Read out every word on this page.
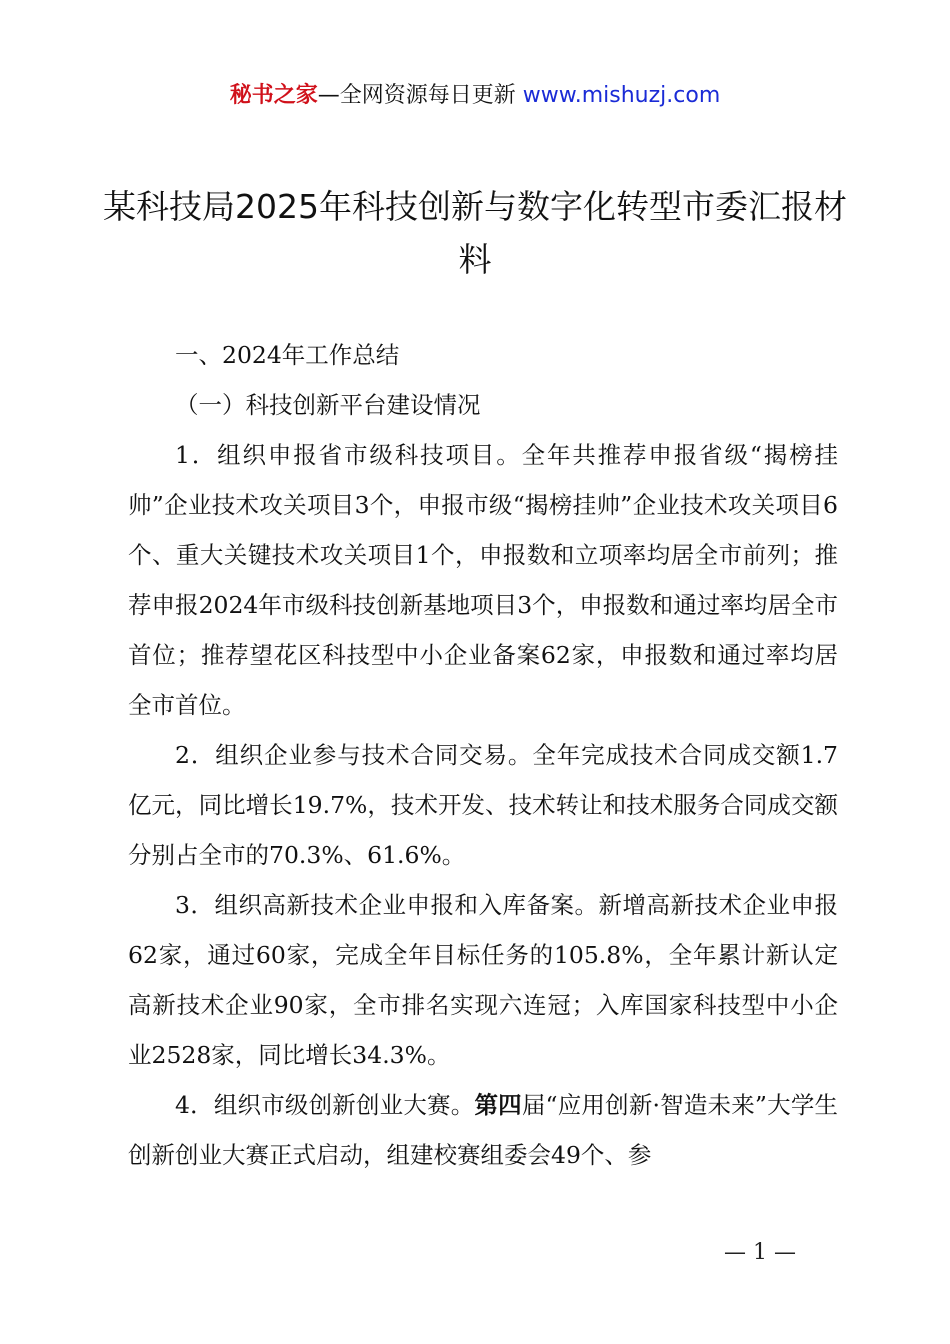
秘书之家—全网资源每日更新 www.mishuzj.com
某科技局2025年科技创新与数字化转型市委汇报材料

一、2024年工作总结

（一）科技创新平台建设情况

1．组织申报省市级科技项目。全年共推荐申报省级“揭榜挂帅”企业技术攻关项目3个，申报市级“揭榜挂帅”企业技术攻关项目6个、重大关键技术攻关项目1个，申报数和立项率均居全市前列；推荐申报2024年市级科技创新基地项目3个，申报数和通过率均居全市首位；推荐望花区科技型中小企业备案62家，申报数和通过率均居全市首位。

2．组织企业参与技术合同交易。全年完成技术合同成交额1.7亿元，同比增长19.7%，技术开发、技术转让和技术服务合同成交额分别占全市的70.3%、61.6%。

3．组织高新技术企业申报和入库备案。新增高新技术企业申报62家，通过60家，完成全年目标任务的105.8%，全年累计新认定高新技术企业90家，全市排名实现六连冠；入库国家科技型中小企业2528家，同比增长34.3%。

4．组织市级创新创业大赛。第四届“应用创新·智造未来”大学生创新创业大赛正式启动，组建校赛组委会49个、参

— 1 —
